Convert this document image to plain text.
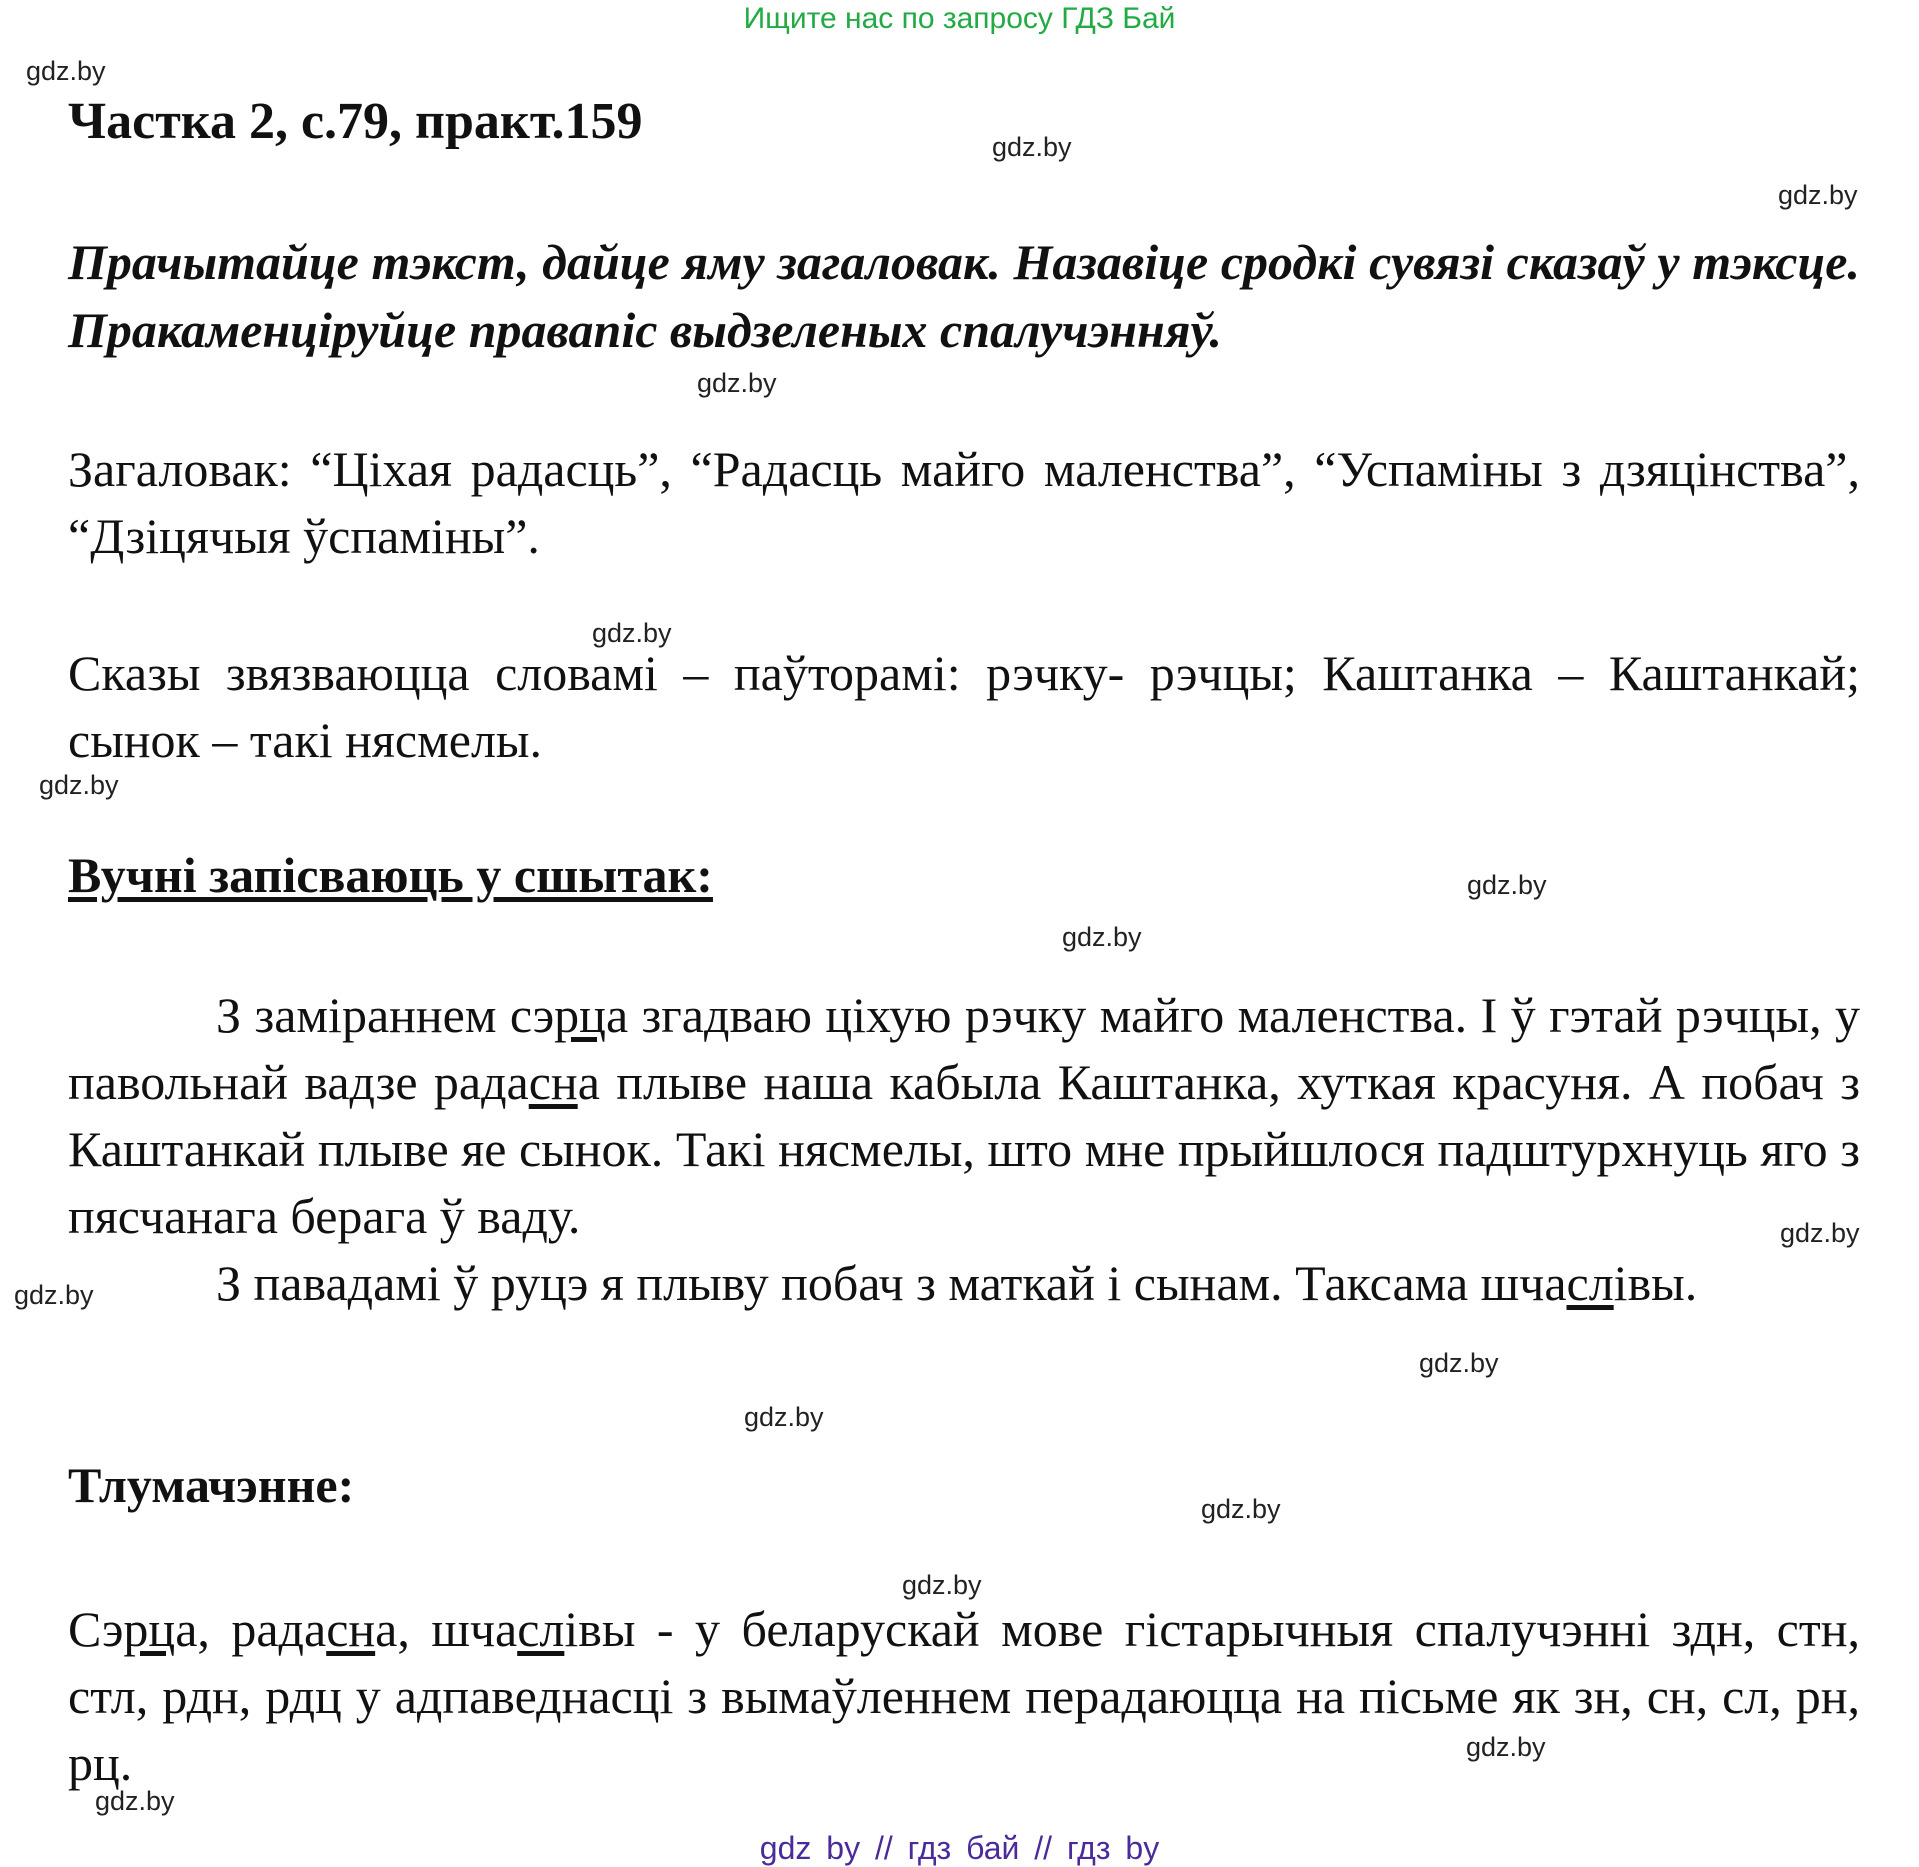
Ищите нас по запросу ГДЗ Бай
gdz.by
gdz.by
gdz.by
gdz.by
gdz.by
gdz.by
gdz.by
gdz.by
gdz.by
gdz.by
gdz.by
gdz.by
gdz.by
gdz.by
gdz.by
gdz.by
Частка 2, с.79, практ.159
Прачытайце тэкст, дайце яму загаловак. Назавіце сродкі сувязі сказаў у тэксце. Пракаменціруйце правапіс выдзеленых спалучэнняў.
Загаловак: “Ціхая радасць”, “Радасць майго маленства”, “Успаміны з дзяцінства”, “Дзіцячыя ўспаміны”.
Сказы звязваюцца словамі – паўторамі: рэчку- рэчцы; Каштанка – Каштанкай; сынок – такі нясмелы.
Вучні запісваюць у сшытак:
З заміраннем сэрца згадваю ціхую рэчку майго маленства. І ў гэтай рэчцы, у павольнай вадзе радасна плыве наша кабыла Каштанка, хуткая красуня. А побач з Каштанкай плыве яе сынок. Такі нясмелы, што мне прыйшлося падштурхнуць яго з пясчанага берага ў ваду.
З павадамі ў руцэ я плыву побач з маткай і сынам. Таксама шчаслівы.
Тлумачэнне:
Сэрца, радасна, шчаслівы - у беларускай мове гістарычныя спалучэнні здн, стн, стл, рдн, рдц у адпаведнасці з вымаўленнем перадаюцца на пісьме як зн, сн, сл, рн, рц.
gdz by // гдз бай // гдз by
